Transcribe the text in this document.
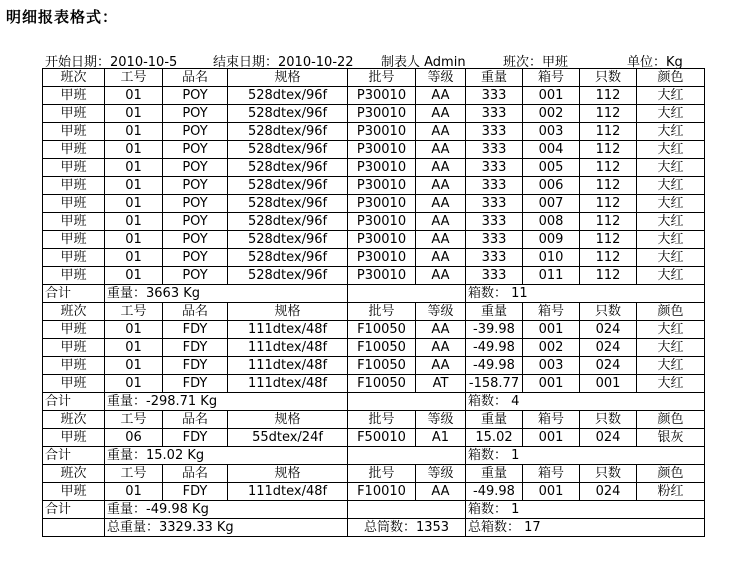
明细报表格式：
开始日期：2010-10-5	结束日期：2010-10-22 制表人 Admin	班次：甲班	单位：Kg
班次	工号	品名	规格	批号	等级	重量	箱号	只数	颜色
甲班	01	POY	528dtex/96f	P30010	AA	333	001	112	大红
甲班	01	POY	528dtex/96f	P30010	AA	333	002	112	大红
甲班	01	POY	528dtex/96f	P30010	AA	333	003	112	大红
甲班	01	POY	528dtex/96f	P30010	AA	333	004	112	大红
甲班	01	POY	528dtex/96f	P30010	AA	333	005	112	大红
甲班	01	POY	528dtex/96f	P30010	AA	333	006	112	大红
甲班	01	POY	528dtex/96f	P30010	AA	333	007	112	大红
甲班	01	POY	528dtex/96f	P30010	AA	333	008	112	大红
甲班	01	POY	528dtex/96f	P30010	AA	333	009	112	大红
甲班	01	POY	528dtex/96f	P30010	AA	333	010	112	大红
甲班	01	POY	528dtex/96f	P30010	AA	333	011	112	大红
合计	重量：3663 Kg					箱数： 11			
班次	工号	品名	规格	批号	等级	重量	箱号	只数	颜色
甲班	01	FDY	111dtex/48f	F10050	AA	-39.98	001	024	大红
甲班	01	FDY	111dtex/48f	F10050	AA	-49.98	002	024	大红
甲班	01	FDY	111dtex/48f	F10050	AA	-49.98	003	024	大红
甲班	01	FDY	111dtex/48f	F10050	AT	-158.77	001	001	大红
合计	重量：-298.71 Kg					箱数： 4			
班次	工号	品名	规格	批号	等级	重量	箱号	只数	颜色
甲班	06	FDY	55dtex/24f	F50010	A1	15.02	001	024	银灰
合计	重量：15.02 Kg					箱数： 1			
班次	工号	品名	规格	批号	等级	重量	箱号	只数	颜色
甲班	01	FDY	111dtex/48f	F10010	AA	-49.98	001	024	粉红
合计	重量：-49.98 Kg					箱数： 1			
	总重量：3329.33 Kg			总筒数：1353		总箱数： 17			
